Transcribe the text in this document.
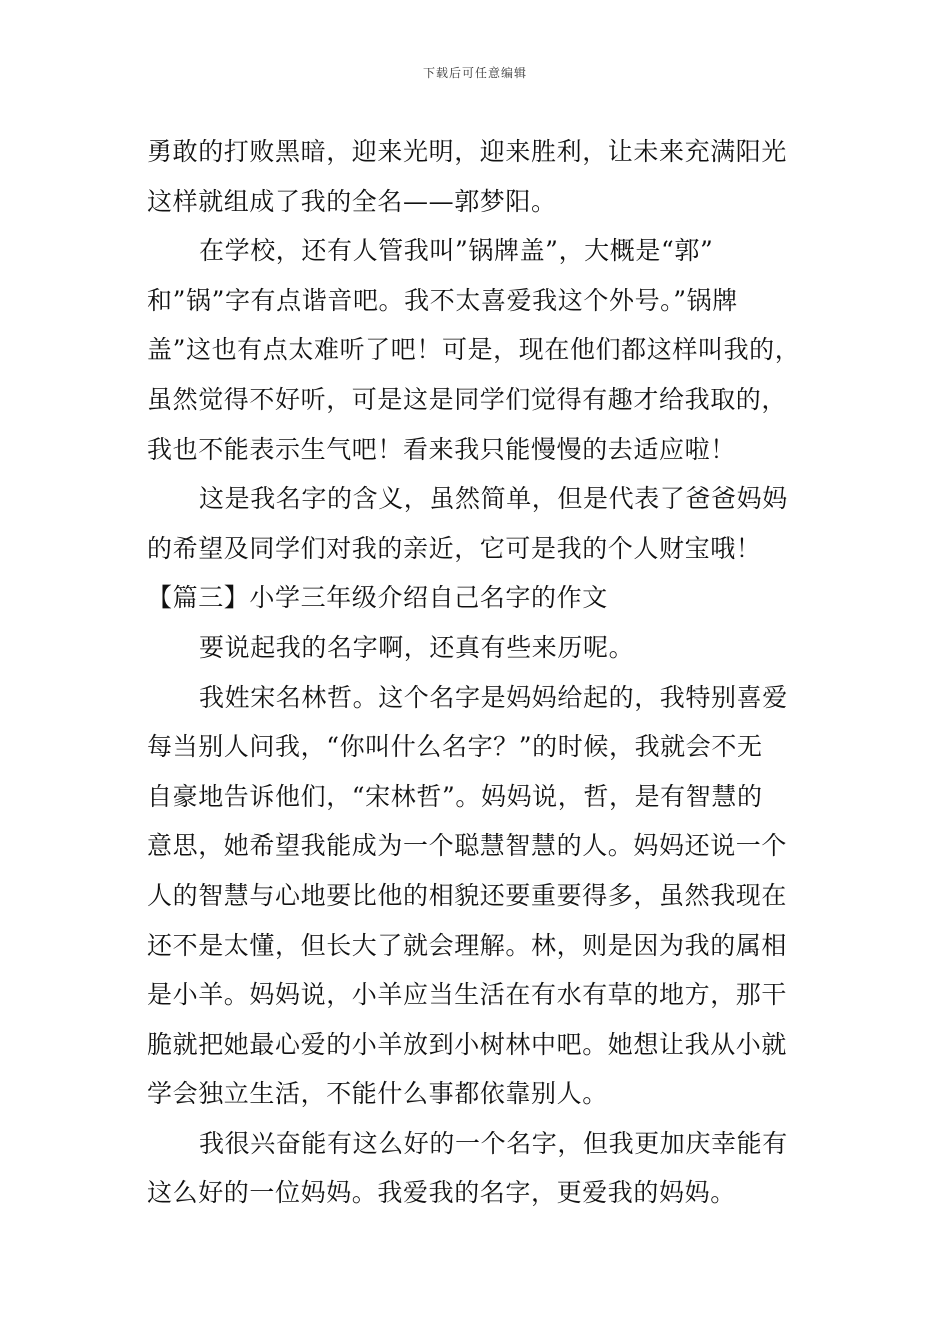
下载后可任意编辑
勇敢的打败黑暗，迎来光明，迎来胜利，让未来充满阳光
这样就组成了我的全名——郭梦阳。
在学校，还有人管我叫”锅牌盖”，大概是“郭”
和”锅”字有点谐音吧。我不太喜爱我这个外号。”锅牌
盖”这也有点太难听了吧！可是，现在他们都这样叫我的，
虽然觉得不好听，可是这是同学们觉得有趣才给我取的，
我也不能表示生气吧！看来我只能慢慢的去适应啦！
这是我名字的含义，虽然简单，但是代表了爸爸妈妈
的希望及同学们对我的亲近，它可是我的个人财宝哦！
【篇三】小学三年级介绍自己名字的作文
要说起我的名字啊，还真有些来历呢。
我姓宋名林哲。这个名字是妈妈给起的，我特别喜爱
每当别人问我，“你叫什么名字？”的时候，我就会不无
自豪地告诉他们，“宋林哲”。妈妈说，哲，是有智慧的
意思，她希望我能成为一个聪慧智慧的人。妈妈还说一个
人的智慧与心地要比他的相貌还要重要得多，虽然我现在
还不是太懂，但长大了就会理解。林，则是因为我的属相
是小羊。妈妈说，小羊应当生活在有水有草的地方，那干
脆就把她最心爱的小羊放到小树林中吧。她想让我从小就
学会独立生活，不能什么事都依靠别人。
我很兴奋能有这么好的一个名字，但我更加庆幸能有
这么好的一位妈妈。我爱我的名字，更爱我的妈妈。
